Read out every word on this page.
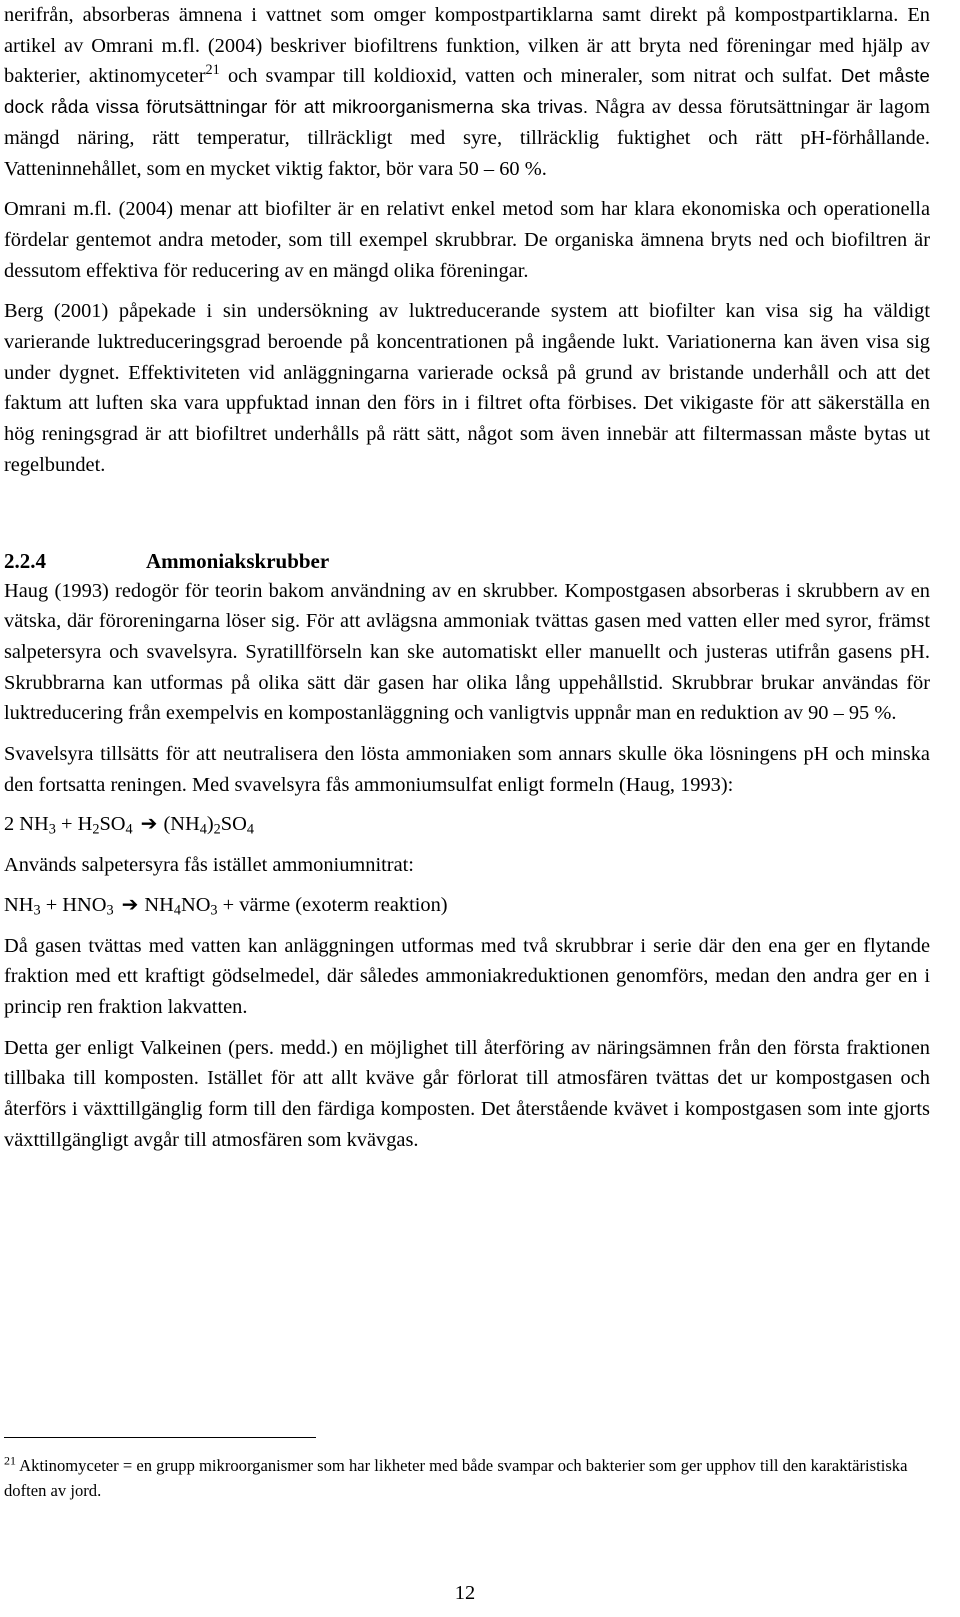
nerifrån, absorberas ämnena i vattnet som omger kompostpartiklarna samt direkt på kompostpartiklarna. En artikel av Omrani m.fl. (2004) beskriver biofiltrens funktion, vilken är att bryta ned föreningar med hjälp av bakterier, aktinomyceter$^{21}$ och svampar till koldioxid, vatten och mineraler, som nitrat och sulfat. Det måste dock råda vissa förutsättningar för att mikroorganismerna ska trivas. Några av dessa förutsättningar är lagom mängd näring, rätt temperatur, tillräckligt med syre, tillräcklig fuktighet och rätt pH-förhållande. Vatteninnehållet, som en mycket viktig faktor, bör vara 50 – 60 %.

Omrani m.fl. (2004) menar att biofilter är en relativt enkel metod som har klara ekonomiska och operationella fördelar gentemot andra metoder, som till exempel skrubbrar. De organiska ämnena bryts ned och biofiltren är dessutom effektiva för reducering av en mängd olika föreningar.

Berg (2001) påpekade i sin undersökning av luktreducerande system att biofilter kan visa sig ha väldigt varierande luktreduceringsgrad beroende på koncentrationen på ingående lukt. Variationerna kan även visa sig under dygnet. Effektiviteten vid anläggningarna varierade också på grund av bristande underhåll och att det faktum att luften ska vara uppfuktad innan den förs in i filtret ofta förbises. Det vikigaste för att säkerställa en hög reningsgrad är att biofiltret underhålls på rätt sätt, något som även innebär att filtermassan måste bytas ut regelbundet.

2.2.4	Ammoniakskrubber

Haug (1993) redogör för teorin bakom användning av en skrubber. Kompostgasen absorberas i skrubbern av en vätska, där föroreningarna löser sig. För att avlägsna ammoniak tvättas gasen med vatten eller med syror, främst salpetersyra och svavelsyra. Syratillförseln kan ske automatiskt eller manuellt och justeras utifrån gasens pH. Skrubbrarna kan utformas på olika sätt där gasen har olika lång uppehållstid. Skrubbrar brukar användas för luktreducering från exempelvis en kompostanläggning och vanligtvis uppnår man en reduktion av 90 – 95 %.

Svavelsyra tillsätts för att neutralisera den lösta ammoniaken som annars skulle öka lösningens pH och minska den fortsatta reningen. Med svavelsyra fås ammoniumsulfat enligt formeln (Haug, 1993):

2 $NH_3 + H_2SO_4$ ➔ $(NH_4)_2SO_4$

Används salpetersyra fås istället ammoniumnitrat:

$NH_3 + HNO_3$ ➔ $NH_4NO_3$ + värme (exoterm reaktion)

Då gasen tvättas med vatten kan anläggningen utformas med två skrubbrar i serie där den ena ger en flytande fraktion med ett kraftigt gödselmedel, där således ammoniakreduktionen genomförs, medan den andra ger en i princip ren fraktion lakvatten.

Detta ger enligt Valkeinen (pers. medd.) en möjlighet till återföring av näringsämnen från den första fraktionen tillbaka till komposten. Istället för att allt kväve går förlorat till atmosfären tvättas det ur kompostgasen och återförs i växttillgänglig form till den färdiga komposten. Det återstående kvävet i kompostgasen som inte gjorts växttillgängligt avgår till atmosfären som kvävgas.

$^{21}$ Aktinomyceter = en grupp mikroorganismer som har likheter med både svampar och bakterier som ger upphov till den karaktäristiska doften av jord.
12
